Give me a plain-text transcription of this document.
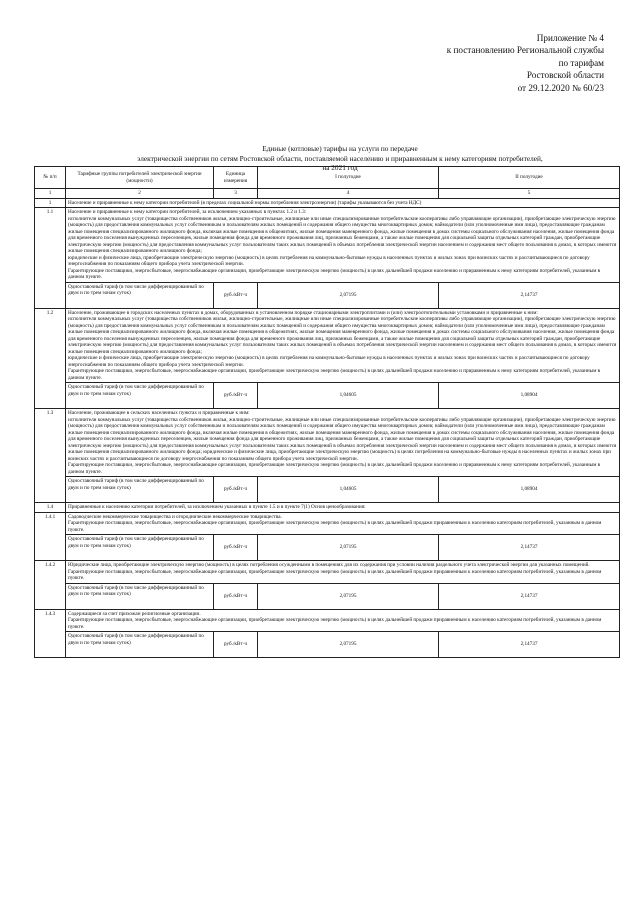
Приложение № 4
к постановлению Региональной службы
по тарифам
Ростовской области
от 29.12.2020 № 60/23
Единые (котловые) тарифы на услуги по передаче
электрической энергии по сетям Ростовской области, поставляемой населению и приравненным к нему категориям потребителей,
на 2021 год
№ п/п	Тарифные группы потребителей электрической энергии (мощности)	Единица измерения	I полугодие	II полугодие
1	2	3	4	5
1	Население и приравненные к нему категории потребителей (в пределах социальной нормы потребления электроэнергии) (тарифы указываются без учета НДС)			
1.1	Население и приравненные к нему категории потребителей, за исключением указанных в пунктах 1.2 и 1.3:
исполнители коммунальных услуг (товарищества собственников жилья, жилищно-строительные, жилищные или иные специализированные потребительские кооперативы либо управляющие организации), приобретающие электрическую энергию (мощность) для предоставления коммунальных услуг собственникам и пользователям жилых помещений и содержания общего имущества многоквартирных домов; наймодатели (или уполномоченные ими лица), предоставляющие гражданам жилые помещения специализированного жилищного фонда, включая жилые помещения в общежитиях, жилые помещения маневренного фонда, жилые помещения в домах системы социального обслуживания населения, жилые помещения фонда для временного поселения вынужденных переселенцев, жилые помещения фонда для временного проживания лиц, признанных беженцами, а также жилые помещения для социальной защиты отдельных категорий граждан, приобретающие электрическую энергию (мощность) для предоставления коммунальных услуг пользователям таких жилых помещений в объемах потребления электрической энергии населением и содержания мест общего пользования в домах, в которых имеются жилые помещения специализированного жилищного фонда;
юридические и физические лица, приобретающие электрическую энергию (мощность) в целях потребления на коммунально-бытовые нужды в населенных пунктах и жилых зонах при воинских частях и рассчитывающиеся по договору энергоснабжения по показаниям общего прибора учета электрической энергии.
Гарантирующие поставщики, энергосбытовые, энергоснабжающие организации, приобретающие электрическую энергию (мощность) в целях дальнейшей продажи населению и приравненным к нему категориям потребителей, указанным в данном пункте.			

	Одноставочный тариф (в том числе дифференцированный по двум и по трем зонам суток)	руб./кВт·ч	2,07195	2,14737
1.2	Население, проживающее в городских населенных пунктах в домах, оборудованных в установленном порядке стационарными электроплитами и (или) электроотопительными установками и приравненные к ним:
исполнители коммунальных услуг (товарищества собственников жилья, жилищно-строительные, жилищные или иные специализированные потребительские кооперативы либо управляющие организации), приобретающие электрическую энергию (мощность) для предоставления коммунальных услуг собственникам и пользователям жилых помещений и содержания общего имущества многоквартирных домов; наймодатели (или уполномоченные ими лица), предоставляющие гражданам жилые помещения специализированного жилищного фонда, включая жилые помещения в общежитиях, жилые помещения маневренного фонда, жилые помещения в домах системы социального обслуживания населения, жилые помещения фонда для временного поселения вынужденных переселенцев, жилые помещения фонда для временного проживания лиц, признанных беженцами, а также жилые помещения для социальной защиты отдельных категорий граждан, приобретающие электрическую энергию (мощность) для предоставления коммунальных услуг пользователям таких жилых помещений в объемах потребления электрической энергии населением и содержания мест общего пользования в домах, в которых имеются жилые помещения специализированного жилищного фонда;
юридические и физические лица, приобретающие электрическую энергию (мощность) в целях потребления на коммунально-бытовые нужды в населенных пунктах и жилых зонах при воинских частях и рассчитывающиеся по договору энергоснабжения по показаниям общего прибора учета электрической энергии.
Гарантирующие поставщики, энергосбытовые, энергоснабжающие организации, приобретающие электрическую энергию (мощность) в целях дальнейшей продажи населению и приравненным к нему категориям потребителей, указанным в данном пункте.			

	Одноставочный тариф (в том числе дифференцированный по двум и по трем зонам суток)	руб./кВт·ч	1,04605	1,08904
1.3	Население, проживающее в сельских населенных пунктах и приравненные к ним:
исполнители коммунальных услуг (товарищества собственников жилья, жилищно-строительные, жилищные или иные специализированные потребительские кооперативы либо управляющие организации), приобретающие электрическую энергию (мощность) для предоставления коммунальных услуг собственникам и пользователям жилых помещений и содержания общего имущества многоквартирных домов; наймодатели (или уполномоченные ими лица), предоставляющие гражданам жилые помещения специализированного жилищного фонда, включая жилые помещения в общежитиях, жилые помещения маневренного фонда, жилые помещения в домах системы социального обслуживания населения, жилые помещения фонда для временного поселения вынужденных переселенцев, жилые помещения фонда для временного проживания лиц, признанных беженцами, а также жилые помещения для социальной защиты отдельных категорий граждан, приобретающие электрическую энергию (мощность) для предоставления коммунальных услуг пользователям таких жилых помещений в объемах потребления электрической энергии населением и содержания мест общего пользования в домах, в которых имеются жилые помещения специализированного жилищного фонда; юридические и физические лица, приобретающие электрическую энергию (мощность) в целях потребления на коммунально-бытовые нужды в населенных пунктах и жилых зонах при воинских частях и рассчитывающиеся по договору энергоснабжения по показаниям общего прибора учета электрической энергии.
Гарантирующие поставщики, энергосбытовые, энергоснабжающие организации, приобретающие электрическую энергию (мощность) в целях дальнейшей продажи населению и приравненным к нему категориям потребителей, указанным в данном пункте.			

	Одноставочный тариф (в том числе дифференцированный по двум и по трем зонам суток)	руб./кВт·ч	1,04605	1,08904
1.4	Приравненные к населению категории потребителей, за исключением указанных в пункте 1.5 и в пункте 7(1) Основ ценообразования:			
1.4.1	Садоводческие некоммерческие товарищества и огороднические некоммерческие товарищества.
Гарантирующие поставщики, энергосбытовые, энергоснабжающие организации, приобретающие электрическую энергию (мощность) в целях дальнейшей продажи приравненным к населению категориям потребителей, указанным в данном пункте.			

	Одноставочный тариф (в том числе дифференцированный по двум и по трем зонам суток)	руб./кВт·ч	2,07195	2,14737
1.4.2	Юридические лица, приобретающие электрическую энергию (мощность) в целях потребления осужденными в помещениях для их содержания при условии наличия раздельного учета электрической энергии для указанных помещений.
Гарантирующие поставщики, энергосбытовые, энергоснабжающие организации, приобретающие электрическую энергию (мощность) в целях дальнейшей продажи приравненным к населению категориям потребителей, указанным в данном пункте.			

	Одноставочный тариф (в том числе дифференцированный по двум и по трем зонам суток)	руб./кВт·ч	2,07195	2,14737
1.4.3	Содержащиеся за счет прихожан религиозные организации.
Гарантирующие поставщики, энергосбытовые, энергоснабжающие организации, приобретающие электрическую энергию (мощность) в целях дальнейшей продажи приравненным к населению категориям потребителей, указанным в данном пункте.			

	Одноставочный тариф (в том числе дифференцированный по двум и по трем зонам суток)	руб./кВт·ч	2,07195	2,14737
